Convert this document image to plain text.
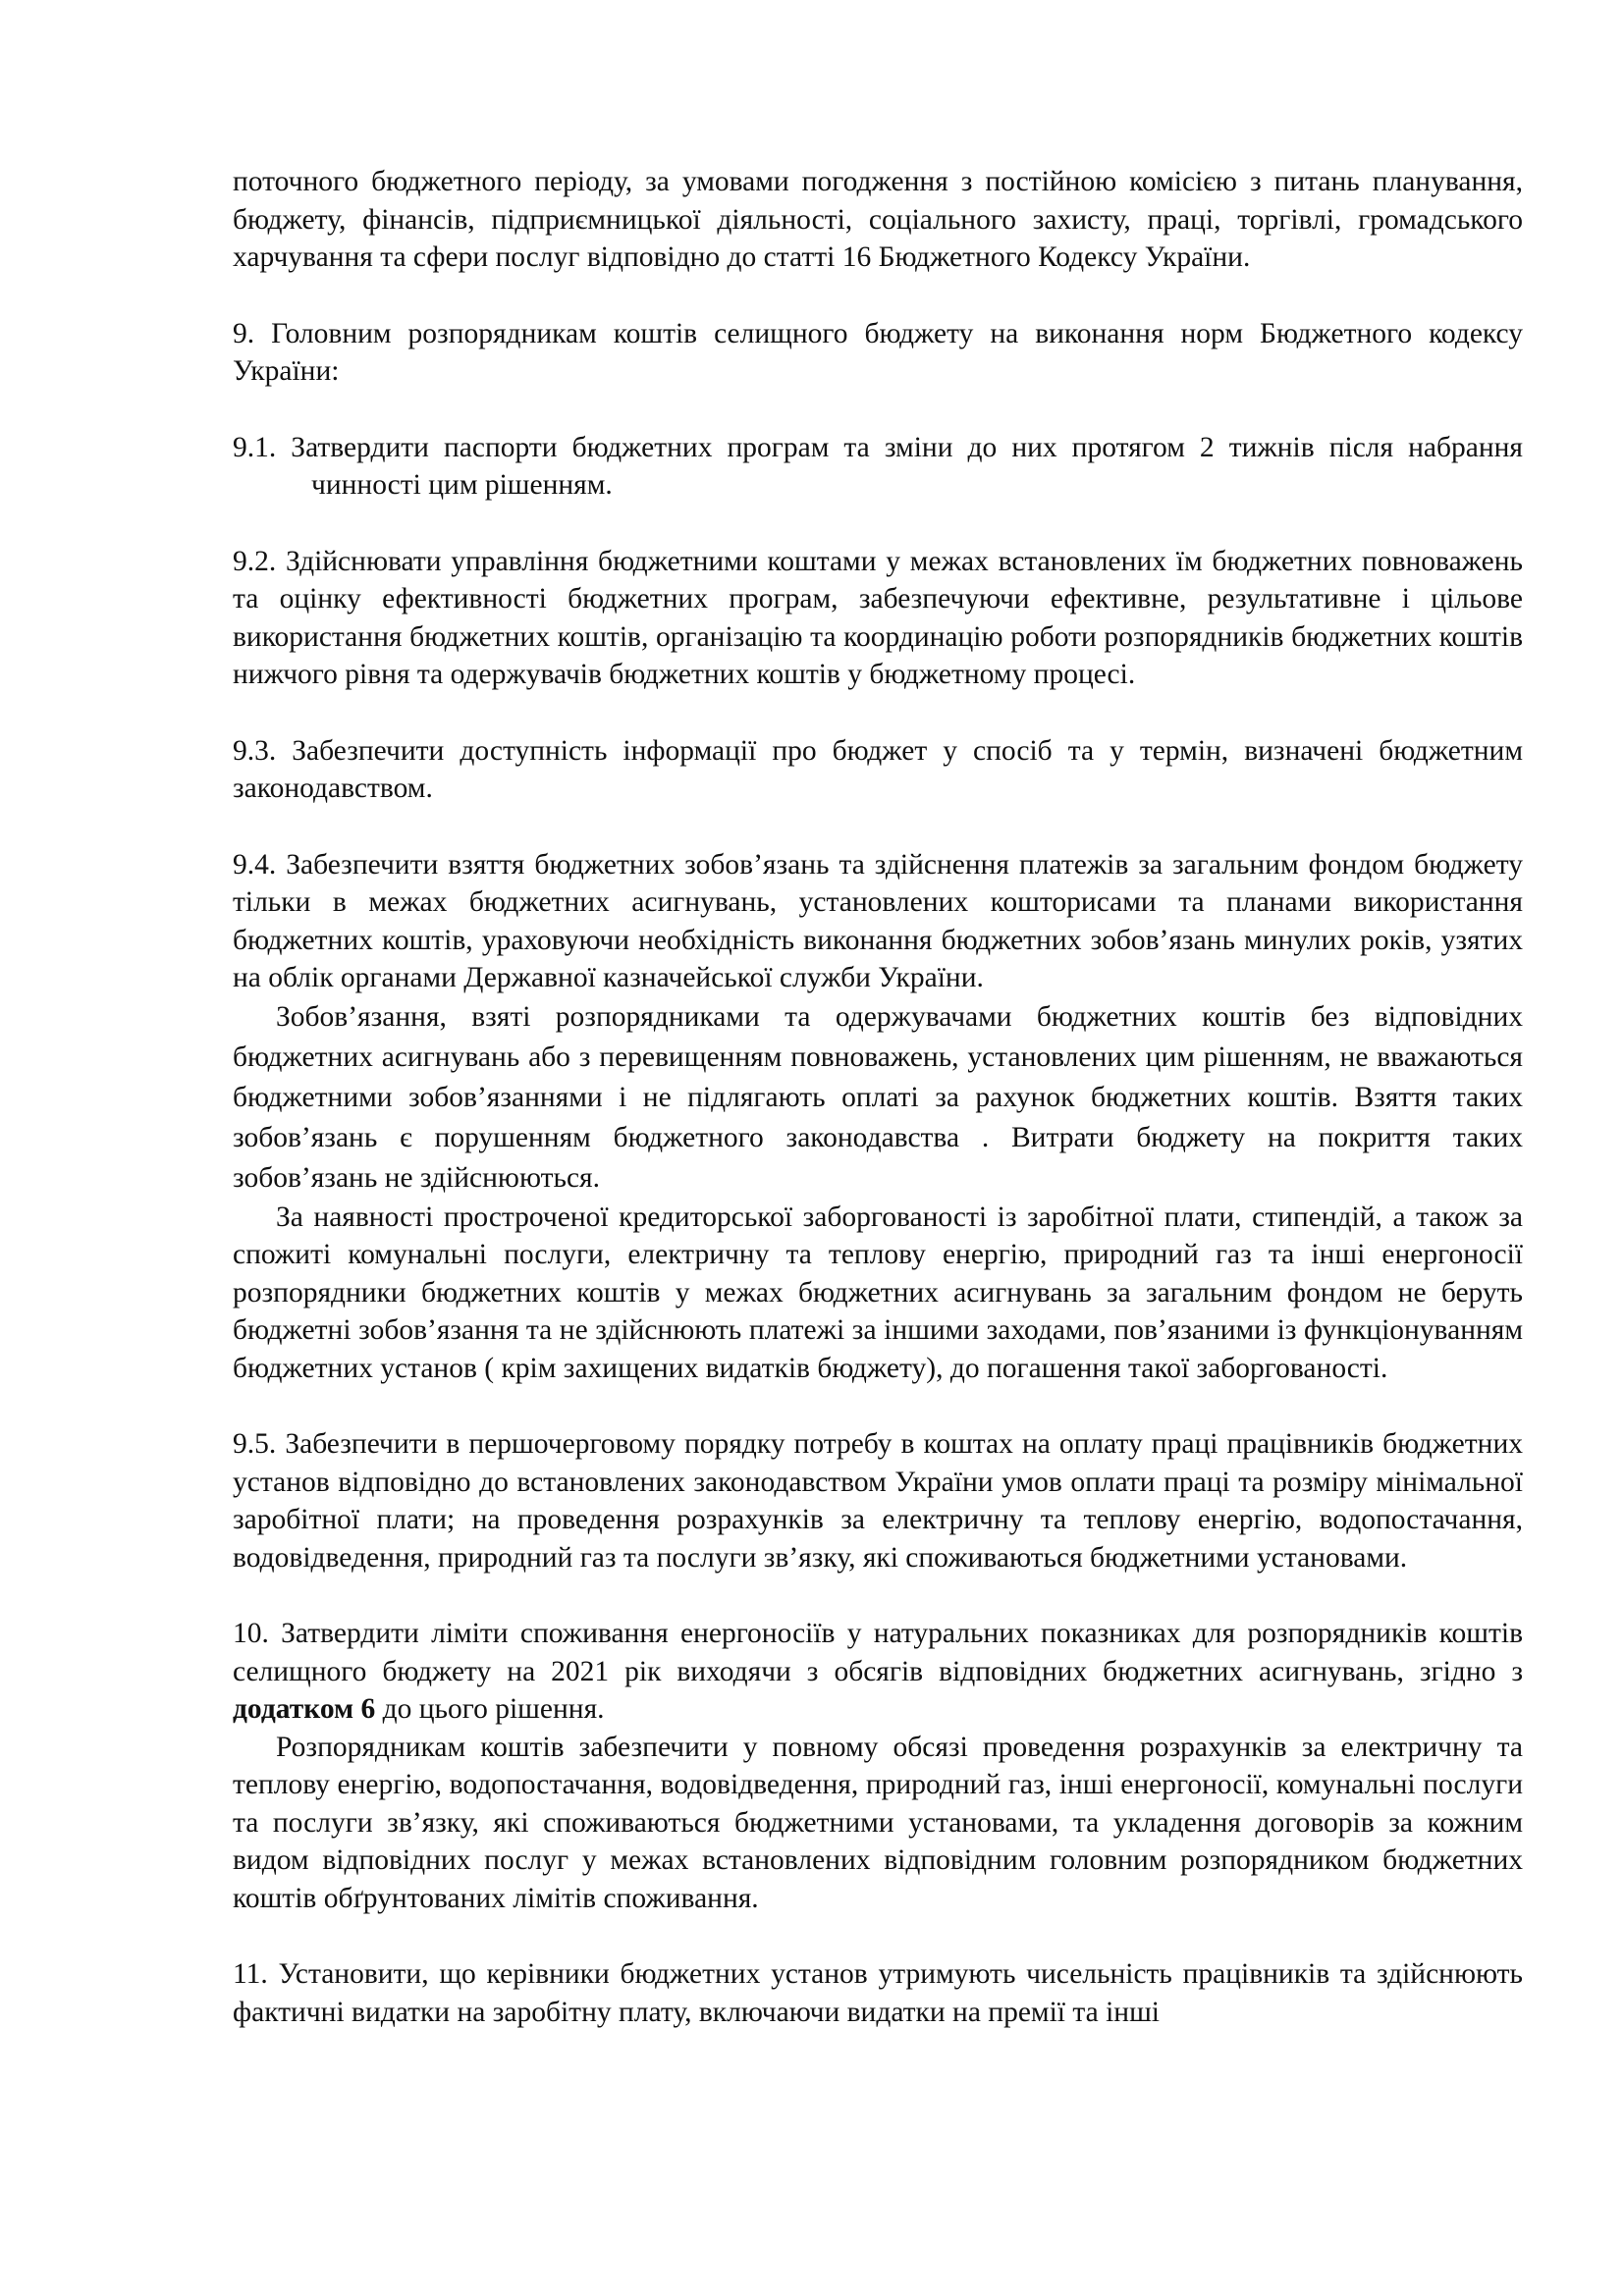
поточного бюджетного періоду, за умовами погодження з постійною комісією з питань планування, бюджету, фінансів, підприємницької діяльності, соціального захисту, праці, торгівлі, громадського харчування та сфери послуг відповідно до статті 16 Бюджетного Кодексу України.

9. Головним розпорядникам коштів селищного бюджету на виконання норм Бюджетного кодексу України:

9.1. Затвердити паспорти бюджетних програм та зміни до них протягом 2 тижнів після набрання чинності цим рішенням.

9.2. Здійснювати управління бюджетними коштами у межах встановлених їм бюджетних повноважень та оцінку ефективності бюджетних програм, забезпечуючи ефективне, результативне і цільове використання бюджетних коштів, організацію та координацію роботи розпорядників бюджетних коштів нижчого рівня та одержувачів бюджетних коштів у бюджетному процесі.

9.3. Забезпечити доступність інформації про бюджет у спосіб та у термін, визначені бюджетним законодавством.

9.4. Забезпечити взяття бюджетних зобов’язань та здійснення платежів за загальним фондом бюджету тільки в межах бюджетних асигнувань, установлених кошторисами та планами використання бюджетних коштів, ураховуючи необхідність виконання бюджетних зобов’язань минулих років, узятих на облік органами Державної казначейської служби України.

Зобов’язання, взяті розпорядниками та одержувачами бюджетних коштів без відповідних бюджетних асигнувань або з перевищенням повноважень, установлених цим рішенням, не вважаються бюджетними зобов’язаннями і не підлягають оплаті за рахунок бюджетних коштів. Взяття таких зобов’язань є порушенням бюджетного законодавства . Витрати бюджету на покриття таких зобов’язань не здійснюються.

За наявності простроченої кредиторської заборгованості із заробітної плати, стипендій, а також за спожиті комунальні послуги, електричну та теплову енергію, природний газ та інші енергоносії розпорядники бюджетних коштів у межах бюджетних асигнувань за загальним фондом не беруть бюджетні зобов’язання та не здійснюють платежі за іншими заходами, пов’язаними із функціонуванням бюджетних установ ( крім захищених видатків бюджету), до погашення такої заборгованості.

9.5. Забезпечити в першочерговому порядку потребу в коштах на оплату праці працівників бюджетних установ відповідно до встановлених законодавством України умов оплати праці та розміру мінімальної заробітної плати; на проведення розрахунків за електричну та теплову енергію, водопостачання, водовідведення, природний газ та послуги зв’язку, які споживаються бюджетними установами.

10. Затвердити ліміти споживання енергоносіїв у натуральних показниках для розпорядників коштів селищного бюджету на 2021 рік виходячи з обсягів відповідних бюджетних асигнувань, згідно з додатком 6 до цього рішення.

Розпорядникам коштів забезпечити у повному обсязі проведення розрахунків за електричну та теплову енергію, водопостачання, водовідведення, природний газ, інші енергоносії, комунальні послуги та послуги зв’язку, які споживаються бюджетними установами, та укладення договорів за кожним видом відповідних послуг у межах встановлених відповідним головним розпорядником бюджетних коштів обґрунтованих лімітів споживання.

11. Установити, що керівники бюджетних установ утримують чисельність працівників та здійснюють фактичні видатки на заробітну плату, включаючи видатки на премії та інші
